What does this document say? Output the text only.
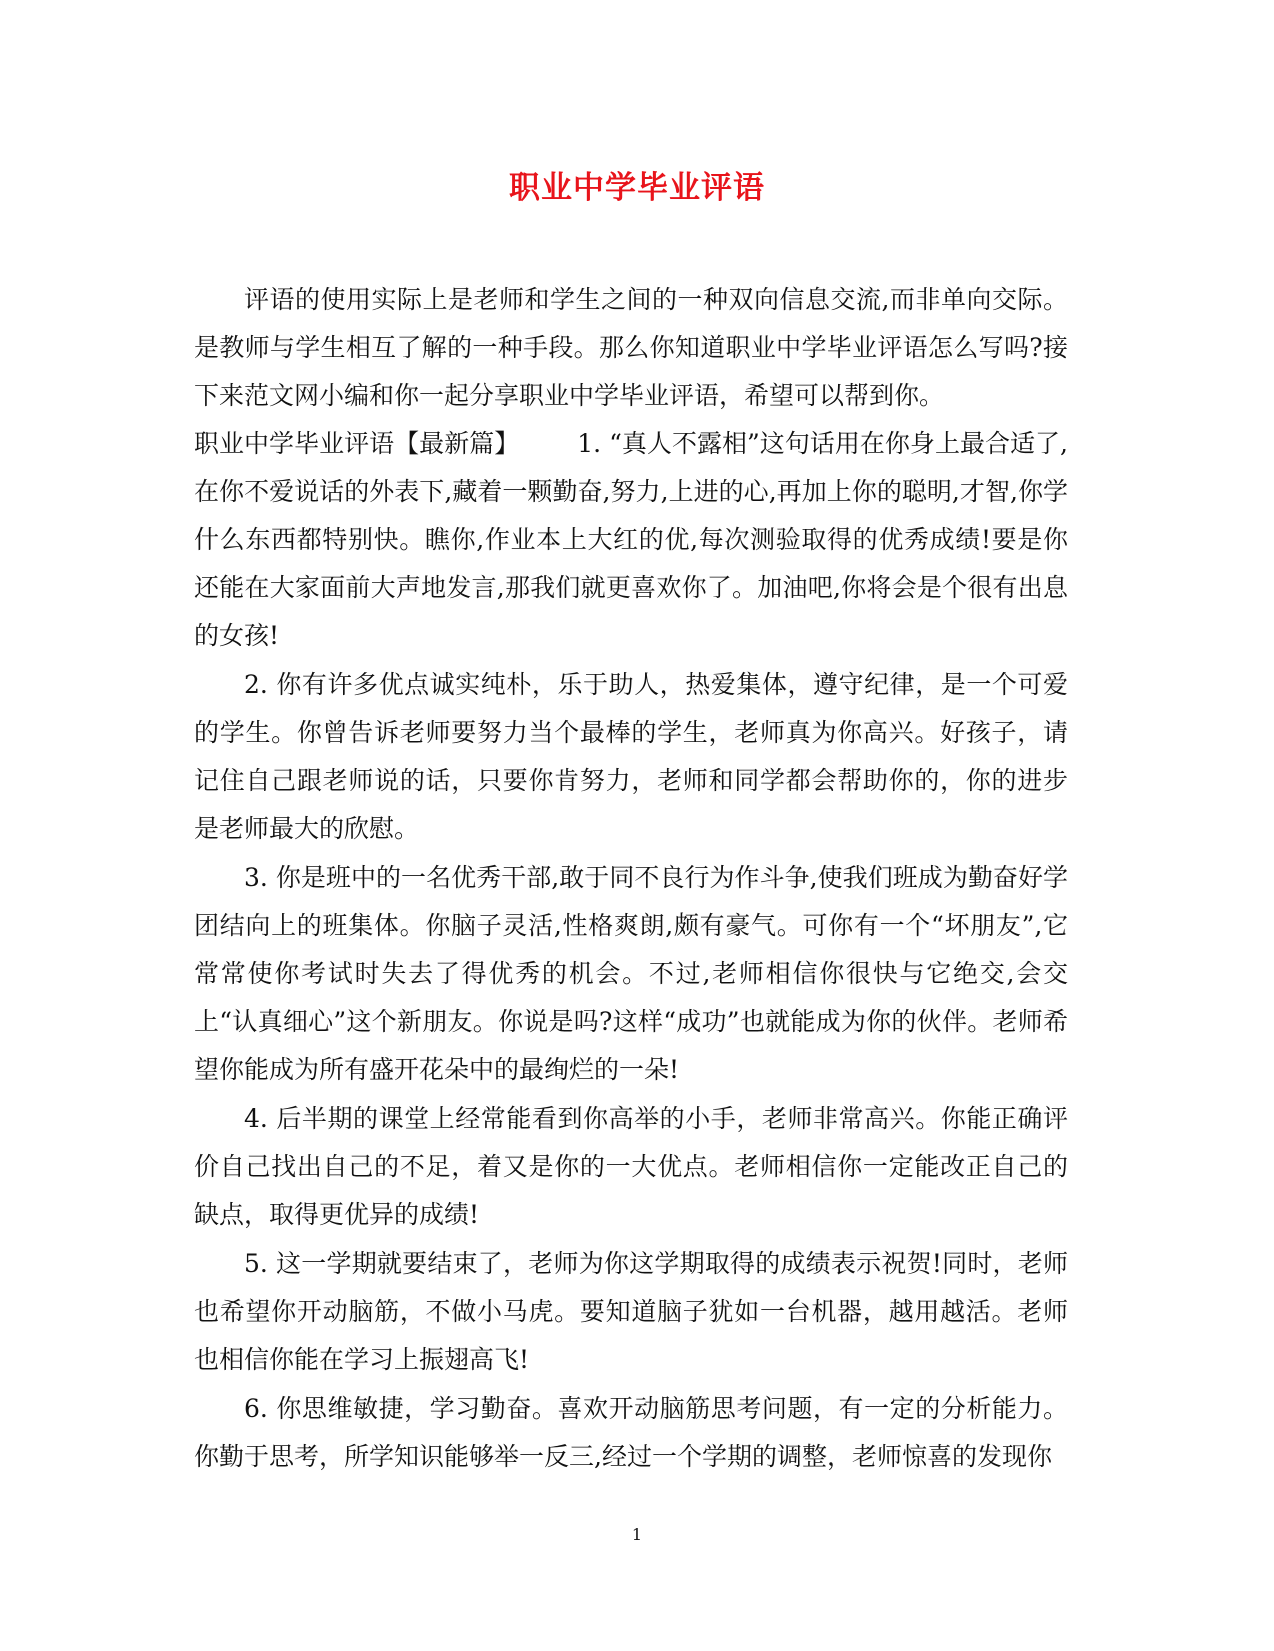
职业中学毕业评语

评语的使用实际上是老师和学生之间的一种双向信息交流,而非单向交际。是教师与学生相互了解的一种手段。那么你知道职业中学毕业评语怎么写吗?接下来范文网小编和你一起分享职业中学毕业评语，希望可以帮到你。

职业中学毕业评语【最新篇】 1. “真人不露相”这句话用在你身上最合适了,在你不爱说话的外表下,藏着一颗勤奋,努力,上进的心,再加上你的聪明,才智,你学什么东西都特别快。瞧你,作业本上大红的优,每次测验取得的优秀成绩!要是你还能在大家面前大声地发言,那我们就更喜欢你了。加油吧,你将会是个很有出息的女孩!

2. 你有许多优点诚实纯朴，乐于助人，热爱集体，遵守纪律，是一个可爱的学生。你曾告诉老师要努力当个最棒的学生，老师真为你高兴。好孩子，请记住自己跟老师说的话，只要你肯努力，老师和同学都会帮助你的，你的进步是老师最大的欣慰。

3. 你是班中的一名优秀干部,敢于同不良行为作斗争,使我们班成为勤奋好学团结向上的班集体。你脑子灵活,性格爽朗,颇有豪气。可你有一个“坏朋友”,它常常使你考试时失去了得优秀的机会。不过,老师相信你很快与它绝交,会交上“认真细心”这个新朋友。你说是吗?这样“成功”也就能成为你的伙伴。老师希望你能成为所有盛开花朵中的最绚烂的一朵!

4. 后半期的课堂上经常能看到你高举的小手，老师非常高兴。你能正确评价自己找出自己的不足，着又是你的一大优点。老师相信你一定能改正自己的缺点，取得更优异的成绩!

5. 这一学期就要结束了，老师为你这学期取得的成绩表示祝贺!同时，老师也希望你开动脑筋，不做小马虎。要知道脑子犹如一台机器，越用越活。老师也相信你能在学习上振翅高飞!

6. 你思维敏捷，学习勤奋。喜欢开动脑筋思考问题，有一定的分析能力。你勤于思考，所学知识能够举一反三,经过一个学期的调整，老师惊喜的发现你

1
